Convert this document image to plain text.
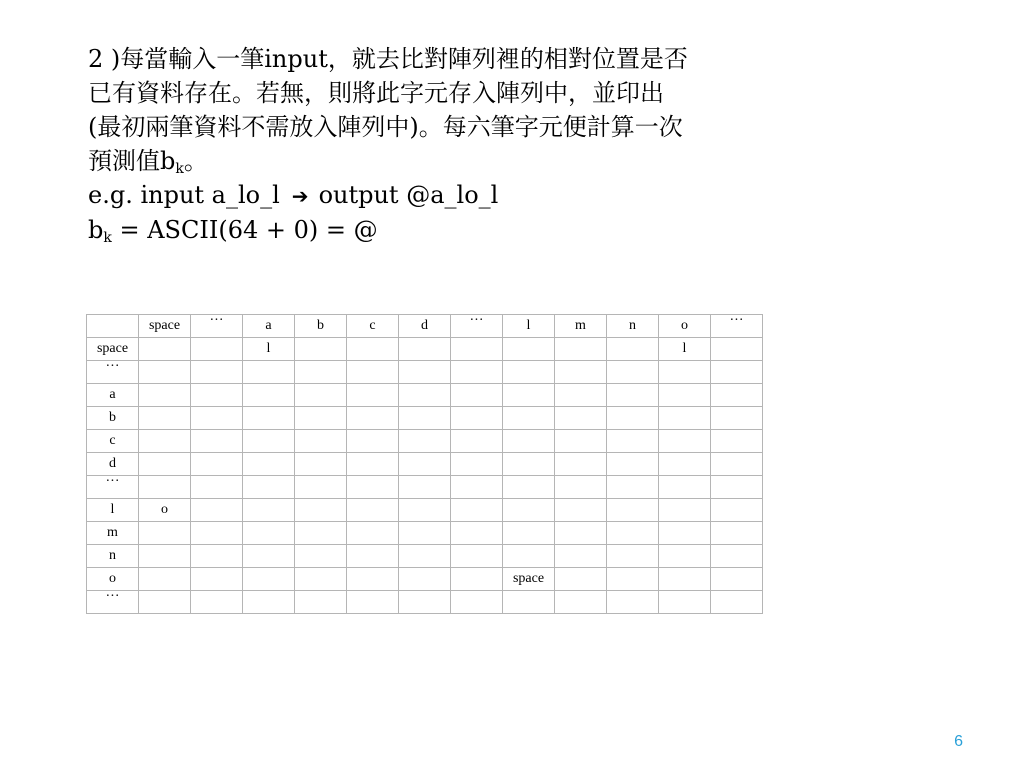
2 )每當輸入一筆input，就去比對陣列裡的相對位置是否
已有資料存在。若無，則將此字元存入陣列中，並印出
(最初兩筆資料不需放入陣列中)。每六筆字元便計算一次
預測值$b_k$。
e.g. input a_lo_l ➔ output @a_lo_l
$b_k$ = ASCII(64 + 0) = @
	space	···	a	b	c	d	···	l	m	n	o	···
space			l								l	
···												
a												
b												
c												
d												
···												
l	o											
m												
n												
o								space				
···												
6
